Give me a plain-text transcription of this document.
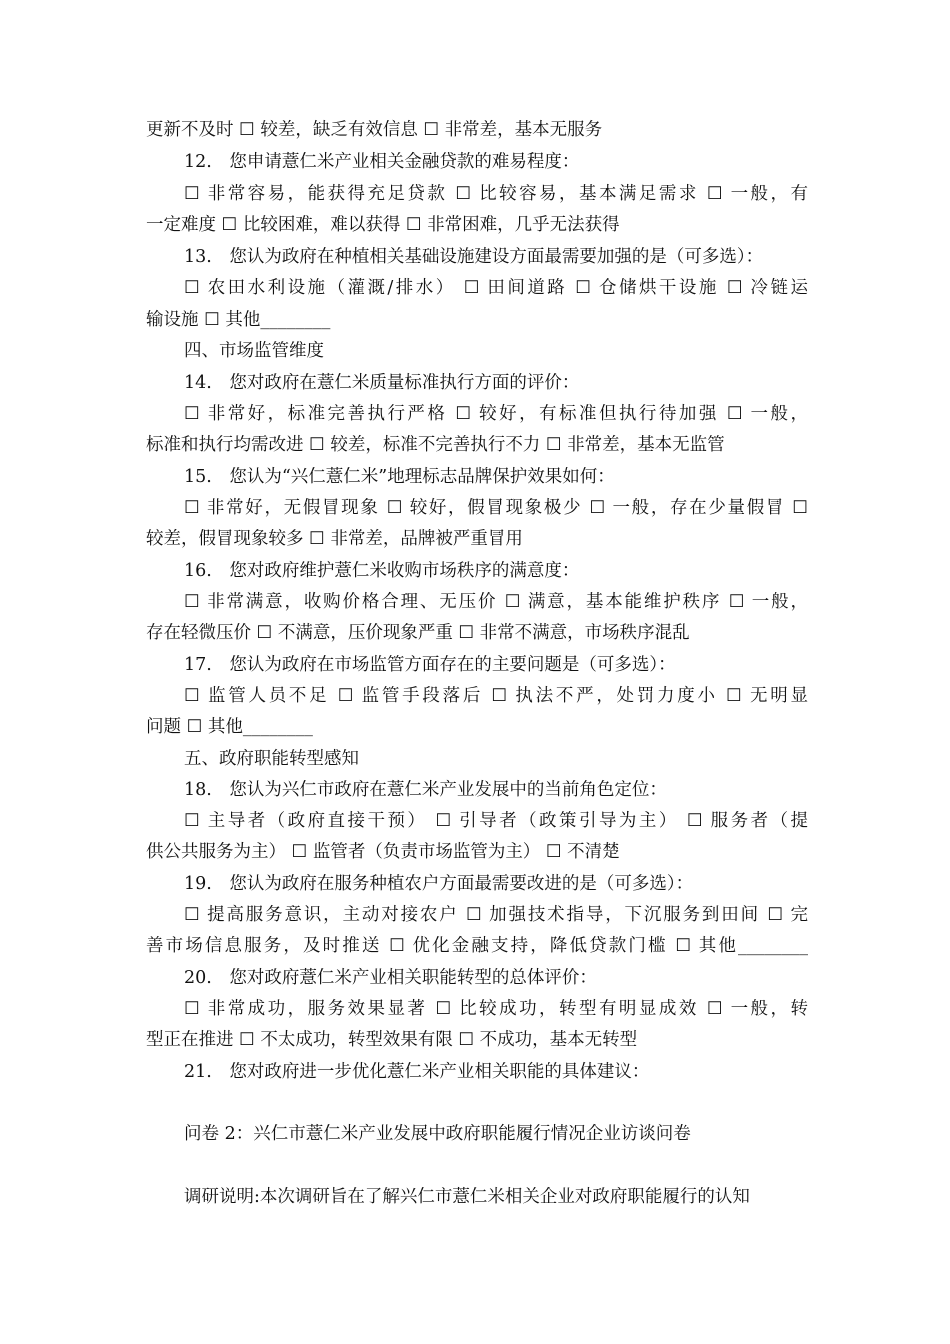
更新不及时 ☐ 较差，缺乏有效信息 ☐ 非常差，基本无服务
12.　您申请薏仁米产业相关金融贷款的难易程度：
☐ 非常容易，能获得充足贷款 ☐ 比较容易，基本满足需求 ☐ 一般，有
一定难度 ☐ 比较困难，难以获得 ☐ 非常困难，几乎无法获得
13.　您认为政府在种植相关基础设施建设方面最需要加强的是（可多选）：
☐ 农田水利设施（灌溉/排水） ☐ 田间道路 ☐ 仓储烘干设施 ☐ 冷链运
输设施 ☐ 其他________
四、市场监管维度
14.　您对政府在薏仁米质量标准执行方面的评价：
☐ 非常好，标准完善执行严格 ☐ 较好，有标准但执行待加强 ☐ 一般，
标准和执行均需改进 ☐ 较差，标准不完善执行不力 ☐ 非常差，基本无监管
15.　您认为“兴仁薏仁米”地理标志品牌保护效果如何：
☐ 非常好，无假冒现象 ☐ 较好，假冒现象极少 ☐ 一般，存在少量假冒 ☐
较差，假冒现象较多 ☐ 非常差，品牌被严重冒用
16.　您对政府维护薏仁米收购市场秩序的满意度：
☐ 非常满意，收购价格合理、无压价 ☐ 满意，基本能维护秩序 ☐ 一般，
存在轻微压价 ☐ 不满意，压价现象严重 ☐ 非常不满意，市场秩序混乱
17.　您认为政府在市场监管方面存在的主要问题是（可多选）：
☐ 监管人员不足 ☐ 监管手段落后 ☐ 执法不严，处罚力度小 ☐ 无明显
问题 ☐ 其他________
五、政府职能转型感知
18.　您认为兴仁市政府在薏仁米产业发展中的当前角色定位：
☐ 主导者（政府直接干预） ☐ 引导者（政策引导为主） ☐ 服务者（提
供公共服务为主） ☐ 监管者（负责市场监管为主） ☐ 不清楚
19.　您认为政府在服务种植农户方面最需要改进的是（可多选）：
☐ 提高服务意识，主动对接农户 ☐ 加强技术指导，下沉服务到田间 ☐ 完
善市场信息服务，及时推送 ☐ 优化金融支持，降低贷款门槛 ☐ 其他________
20.　您对政府薏仁米产业相关职能转型的总体评价：
☐ 非常成功，服务效果显著 ☐ 比较成功，转型有明显成效 ☐ 一般，转
型正在推进 ☐ 不太成功，转型效果有限 ☐ 不成功，基本无转型
21.　您对政府进一步优化薏仁米产业相关职能的具体建议：
问卷 2：兴仁市薏仁米产业发展中政府职能履行情况企业访谈问卷
调研说明:本次调研旨在了解兴仁市薏仁米相关企业对政府职能履行的认知
